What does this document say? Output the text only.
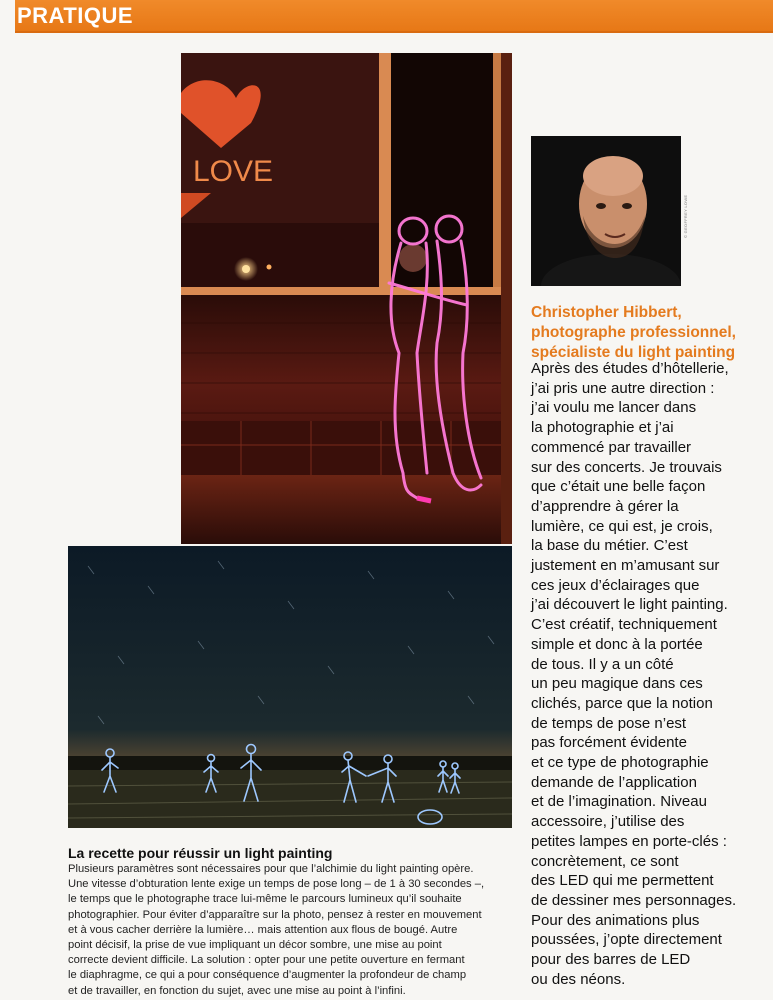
PRATIQUE
LOVE
© GEOFFREY LOWE
Christopher Hibbert,
photographe professionnel,
spécialiste du light painting
Après des études d’hôtellerie,
j’ai pris une autre direction :
j’ai voulu me lancer dans
la photographie et j’ai
commencé par travailler
sur des concerts. Je trouvais
que c’était une belle façon
d’apprendre à gérer la
lumière, ce qui est, je crois,
la base du métier. C’est
justement en m’amusant sur
ces jeux d’éclairages que
j’ai découvert le light painting.
C’est créatif, techniquement
simple et donc à la portée
de tous. Il y a un côté
un peu magique dans ces
clichés, parce que la notion
de temps de pose n’est
pas forcément évidente
et ce type de photographie
demande de l’application
et de l’imagination. Niveau
accessoire, j’utilise des
petites lampes en porte-clés :
concrètement, ce sont
des LED qui me permettent
de dessiner mes personnages.
Pour des animations plus
poussées, j’opte directement
pour des barres de LED
ou des néons.
La recette pour réussir un light painting
Plusieurs paramètres sont nécessaires pour que l’alchimie du light painting opère.
Une vitesse d’obturation lente exige un temps de pose long – de 1 à 30 secondes –,
le temps que le photographe trace lui-même le parcours lumineux qu’il souhaite
photographier. Pour éviter d’apparaître sur la photo, pensez à rester en mouvement
et à vous cacher derrière la lumière… mais attention aux flous de bougé. Autre
point décisif, la prise de vue impliquant un décor sombre, une mise au point
correcte devient difficile. La solution : opter pour une petite ouverture en fermant
le diaphragme, ce qui a pour conséquence d’augmenter la profondeur de champ
et de travailler, en fonction du sujet, avec une mise au point à l’infini.
